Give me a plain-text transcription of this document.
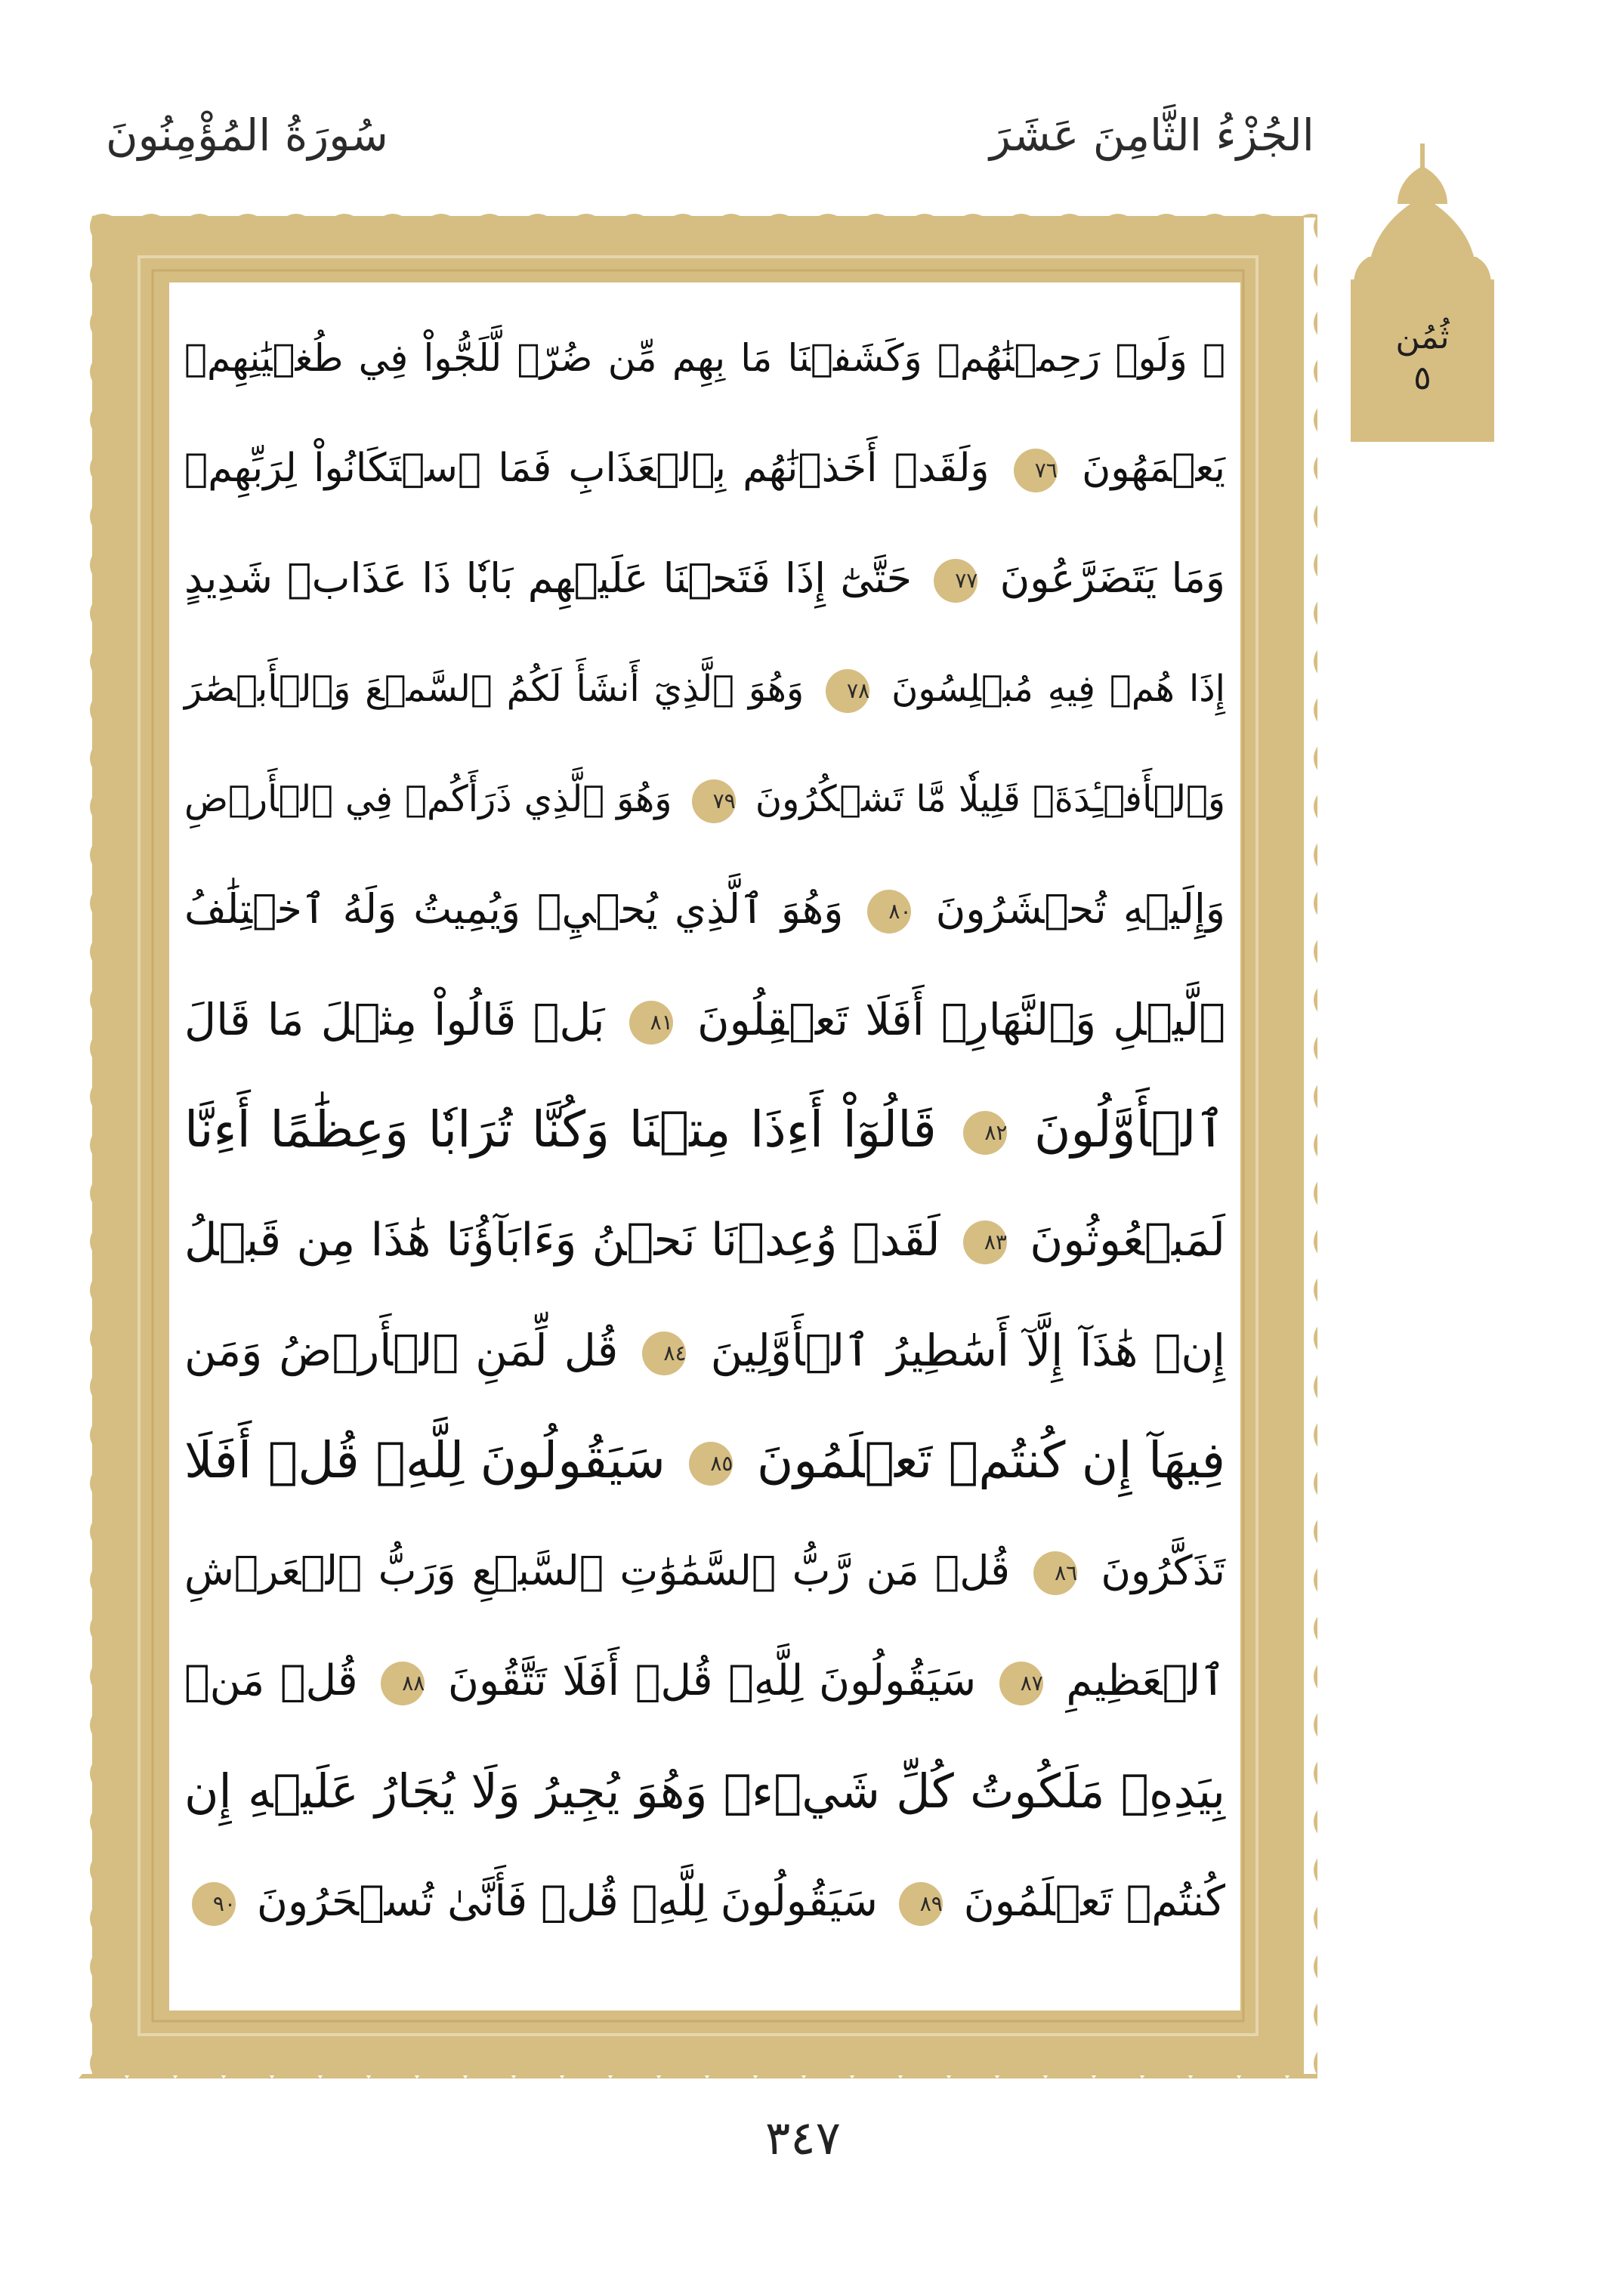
الجُزْءُ الثَّامِنَ عَشَرَ
سُورَةُ المُؤْمِنُونَ
ثُمُن
٥
۞ وَلَوۡ رَحِمۡنَٰهُمۡ وَكَشَفۡنَا مَا بِهِم مِّن ضُرّٖ لَّلَجُّواْ فِي طُغۡيَٰنِهِمۡ
يَعۡمَهُونَ ٧٦ وَلَقَدۡ أَخَذۡنَٰهُم بِٱلۡعَذَابِ فَمَا ٱسۡتَكَانُواْ لِرَبِّهِمۡ
وَمَا يَتَضَرَّعُونَ ٧٧ حَتَّىٰٓ إِذَا فَتَحۡنَا عَلَيۡهِم بَابٗا ذَا عَذَابٖ شَدِيدٍ
إِذَا هُمۡ فِيهِ مُبۡلِسُونَ ٧٨ وَهُوَ ٱلَّذِيٓ أَنشَأَ لَكُمُ ٱلسَّمۡعَ وَٱلۡأَبۡصَٰرَ
وَٱلۡأَفۡـِٔدَةَۚ قَلِيلٗا مَّا تَشۡكُرُونَ ٧٩ وَهُوَ ٱلَّذِي ذَرَأَكُمۡ فِي ٱلۡأَرۡضِ
وَإِلَيۡهِ تُحۡشَرُونَ ٨٠ وَهُوَ ٱلَّذِي يُحۡيِۦ وَيُمِيتُ وَلَهُ ٱخۡتِلَٰفُ
ٱلَّيۡلِ وَٱلنَّهَارِۚ أَفَلَا تَعۡقِلُونَ ٨١ بَلۡ قَالُواْ مِثۡلَ مَا قَالَ
ٱلۡأَوَّلُونَ ٨٢ قَالُوٓاْ أَءِذَا مِتۡنَا وَكُنَّا تُرَابٗا وَعِظَٰمًا أَءِنَّا
لَمَبۡعُوثُونَ ٨٣ لَقَدۡ وُعِدۡنَا نَحۡنُ وَءَابَآؤُنَا هَٰذَا مِن قَبۡلُ
إِنۡ هَٰذَآ إِلَّآ أَسَٰطِيرُ ٱلۡأَوَّلِينَ ٨٤ قُل لِّمَنِ ٱلۡأَرۡضُ وَمَن
فِيهَآ إِن كُنتُمۡ تَعۡلَمُونَ ٨٥ سَيَقُولُونَ لِلَّهِۚ قُلۡ أَفَلَا
تَذَكَّرُونَ ٨٦ قُلۡ مَن رَّبُّ ٱلسَّمَٰوَٰتِ ٱلسَّبۡعِ وَرَبُّ ٱلۡعَرۡشِ
ٱلۡعَظِيمِ ٨٧ سَيَقُولُونَ لِلَّهِۚ قُلۡ أَفَلَا تَتَّقُونَ ٨٨ قُلۡ مَنۢ
بِيَدِهِۦ مَلَكُوتُ كُلِّ شَيۡءٖ وَهُوَ يُجِيرُ وَلَا يُجَارُ عَلَيۡهِ إِن
كُنتُمۡ تَعۡلَمُونَ ٨٩ سَيَقُولُونَ لِلَّهِۚ قُلۡ فَأَنَّىٰ تُسۡحَرُونَ ٩٠
٣٤٧
